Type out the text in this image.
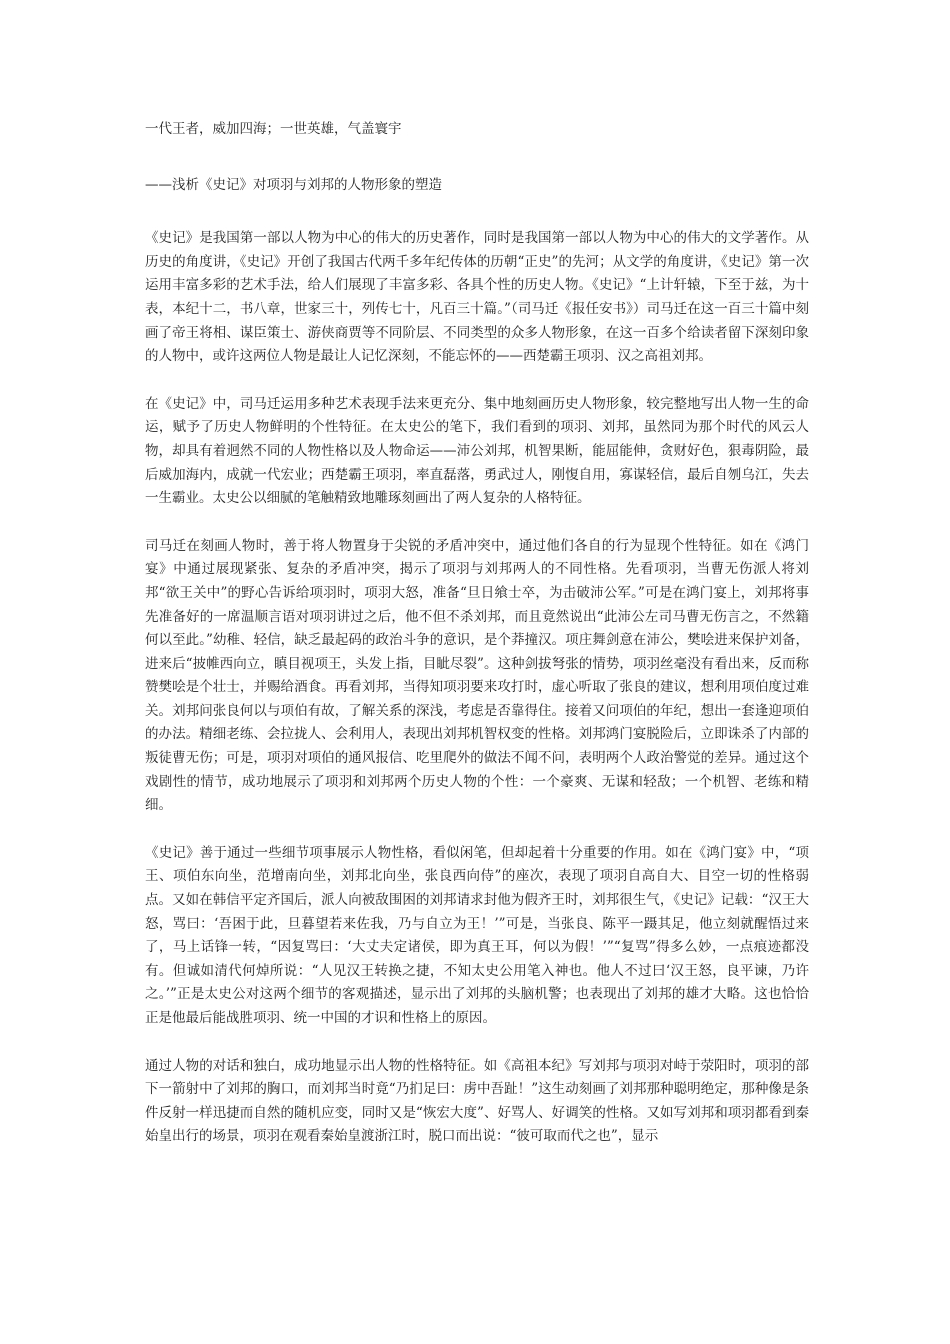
一代王者，威加四海；一世英雄，气盖寰宇

——浅析《史记》对项羽与刘邦的人物形象的塑造

《史记》是我国第一部以人物为中心的伟大的历史著作，同时是我国第一部以人物为中心的伟大的文学著作。从历史的角度讲，《史记》开创了我国古代两千多年纪传体的历朝“正史”的先河；从文学的角度讲，《史记》第一次运用丰富多彩的艺术手法，给人们展现了丰富多彩、各具个性的历史人物。《史记》“上计轩辕，下至于兹，为十表，本纪十二，书八章，世家三十，列传七十，凡百三十篇。”（司马迁《报任安书》）司马迁在这一百三十篇中刻画了帝王将相、谋臣策士、游侠商贾等不同阶层、不同类型的众多人物形象，在这一百多个给读者留下深刻印象的人物中，或许这两位人物是最让人记忆深刻，不能忘怀的——西楚霸王项羽、汉之高祖刘邦。

在《史记》中，司马迁运用多种艺术表现手法来更充分、集中地刻画历史人物形象，较完整地写出人物一生的命运，赋予了历史人物鲜明的个性特征。在太史公的笔下，我们看到的项羽、刘邦，虽然同为那个时代的风云人物，却具有着迥然不同的人物性格以及人物命运——沛公刘邦，机智果断，能屈能伸，贪财好色，狠毒阴险，最后威加海内，成就一代宏业；西楚霸王项羽，率直磊落，勇武过人，刚愎自用，寡谋轻信，最后自刎乌江，失去一生霸业。太史公以细腻的笔触精致地雕琢刻画出了两人复杂的人格特征。

司马迁在刻画人物时，善于将人物置身于尖锐的矛盾冲突中，通过他们各自的行为显现个性特征。如在《鸿门宴》中通过展现紧张、复杂的矛盾冲突，揭示了项羽与刘邦两人的不同性格。先看项羽，当曹无伤派人将刘邦“欲王关中”的野心告诉给项羽时，项羽大怒，准备“旦日飨士卒，为击破沛公军。”可是在鸿门宴上，刘邦将事先准备好的一席温顺言语对项羽讲过之后，他不但不杀刘邦，而且竟然说出“此沛公左司马曹无伤言之，不然籍何以至此。”幼稚、轻信，缺乏最起码的政治斗争的意识，是个莽撞汉。项庄舞剑意在沛公，樊哙进来保护刘备，进来后“披帷西向立，瞋目视项王，头发上指，目眦尽裂”。这种剑拔弩张的情势，项羽丝毫没有看出来，反而称赞樊哙是个壮士，并赐给酒食。再看刘邦，当得知项羽要来攻打时，虚心听取了张良的建议，想利用项伯度过难关。刘邦问张良何以与项伯有故，了解关系的深浅，考虑是否靠得住。接着又问项伯的年纪，想出一套逢迎项伯的办法。精细老练、会拉拢人、会利用人，表现出刘邦机智权变的性格。刘邦鸿门宴脱险后，立即诛杀了内部的叛徒曹无伤；可是，项羽对项伯的通风报信、吃里爬外的做法不闻不问，表明两个人政治警觉的差异。通过这个戏剧性的情节，成功地展示了项羽和刘邦两个历史人物的个性：一个豪爽、无谋和轻敌；一个机智、老练和精细。

《史记》善于通过一些细节项事展示人物性格，看似闲笔，但却起着十分重要的作用。如在《鸿门宴》中，“项王、项伯东向坐，范增南向坐，刘邦北向坐，张良西向侍”的座次，表现了项羽自高自大、目空一切的性格弱点。又如在韩信平定齐国后，派人向被敌围困的刘邦请求封他为假齐王时，刘邦很生气，《史记》记载：“汉王大怒，骂曰：‘吾困于此，旦暮望若来佐我，乃与自立为王！’”可是，当张良、陈平一蹑其足，他立刻就醒悟过来了，马上话锋一转，“因复骂曰：‘大丈夫定诸侯，即为真王耳，何以为假！’”“复骂”得多么妙，一点痕迹都没有。但诚如清代何焯所说：“人见汉王转换之捷，不知太史公用笔入神也。他人不过曰‘汉王怒，良平谏，乃许之。’”正是太史公对这两个细节的客观描述，显示出了刘邦的头脑机警；也表现出了刘邦的雄才大略。这也恰恰正是他最后能战胜项羽、统一中国的才识和性格上的原因。

通过人物的对话和独白，成功地显示出人物的性格特征。如《高祖本纪》写刘邦与项羽对峙于荥阳时，项羽的部下一箭射中了刘邦的胸口，而刘邦当时竟“乃扪足曰：虏中吾趾！”这生动刻画了刘邦那种聪明绝定，那种像是条件反射一样迅捷而自然的随机应变，同时又是“恢宏大度”、好骂人、好调笑的性格。又如写刘邦和项羽都看到秦始皇出行的场景，项羽在观看秦始皇渡浙江时，脱口而出说：“彼可取而代之也”，显示
